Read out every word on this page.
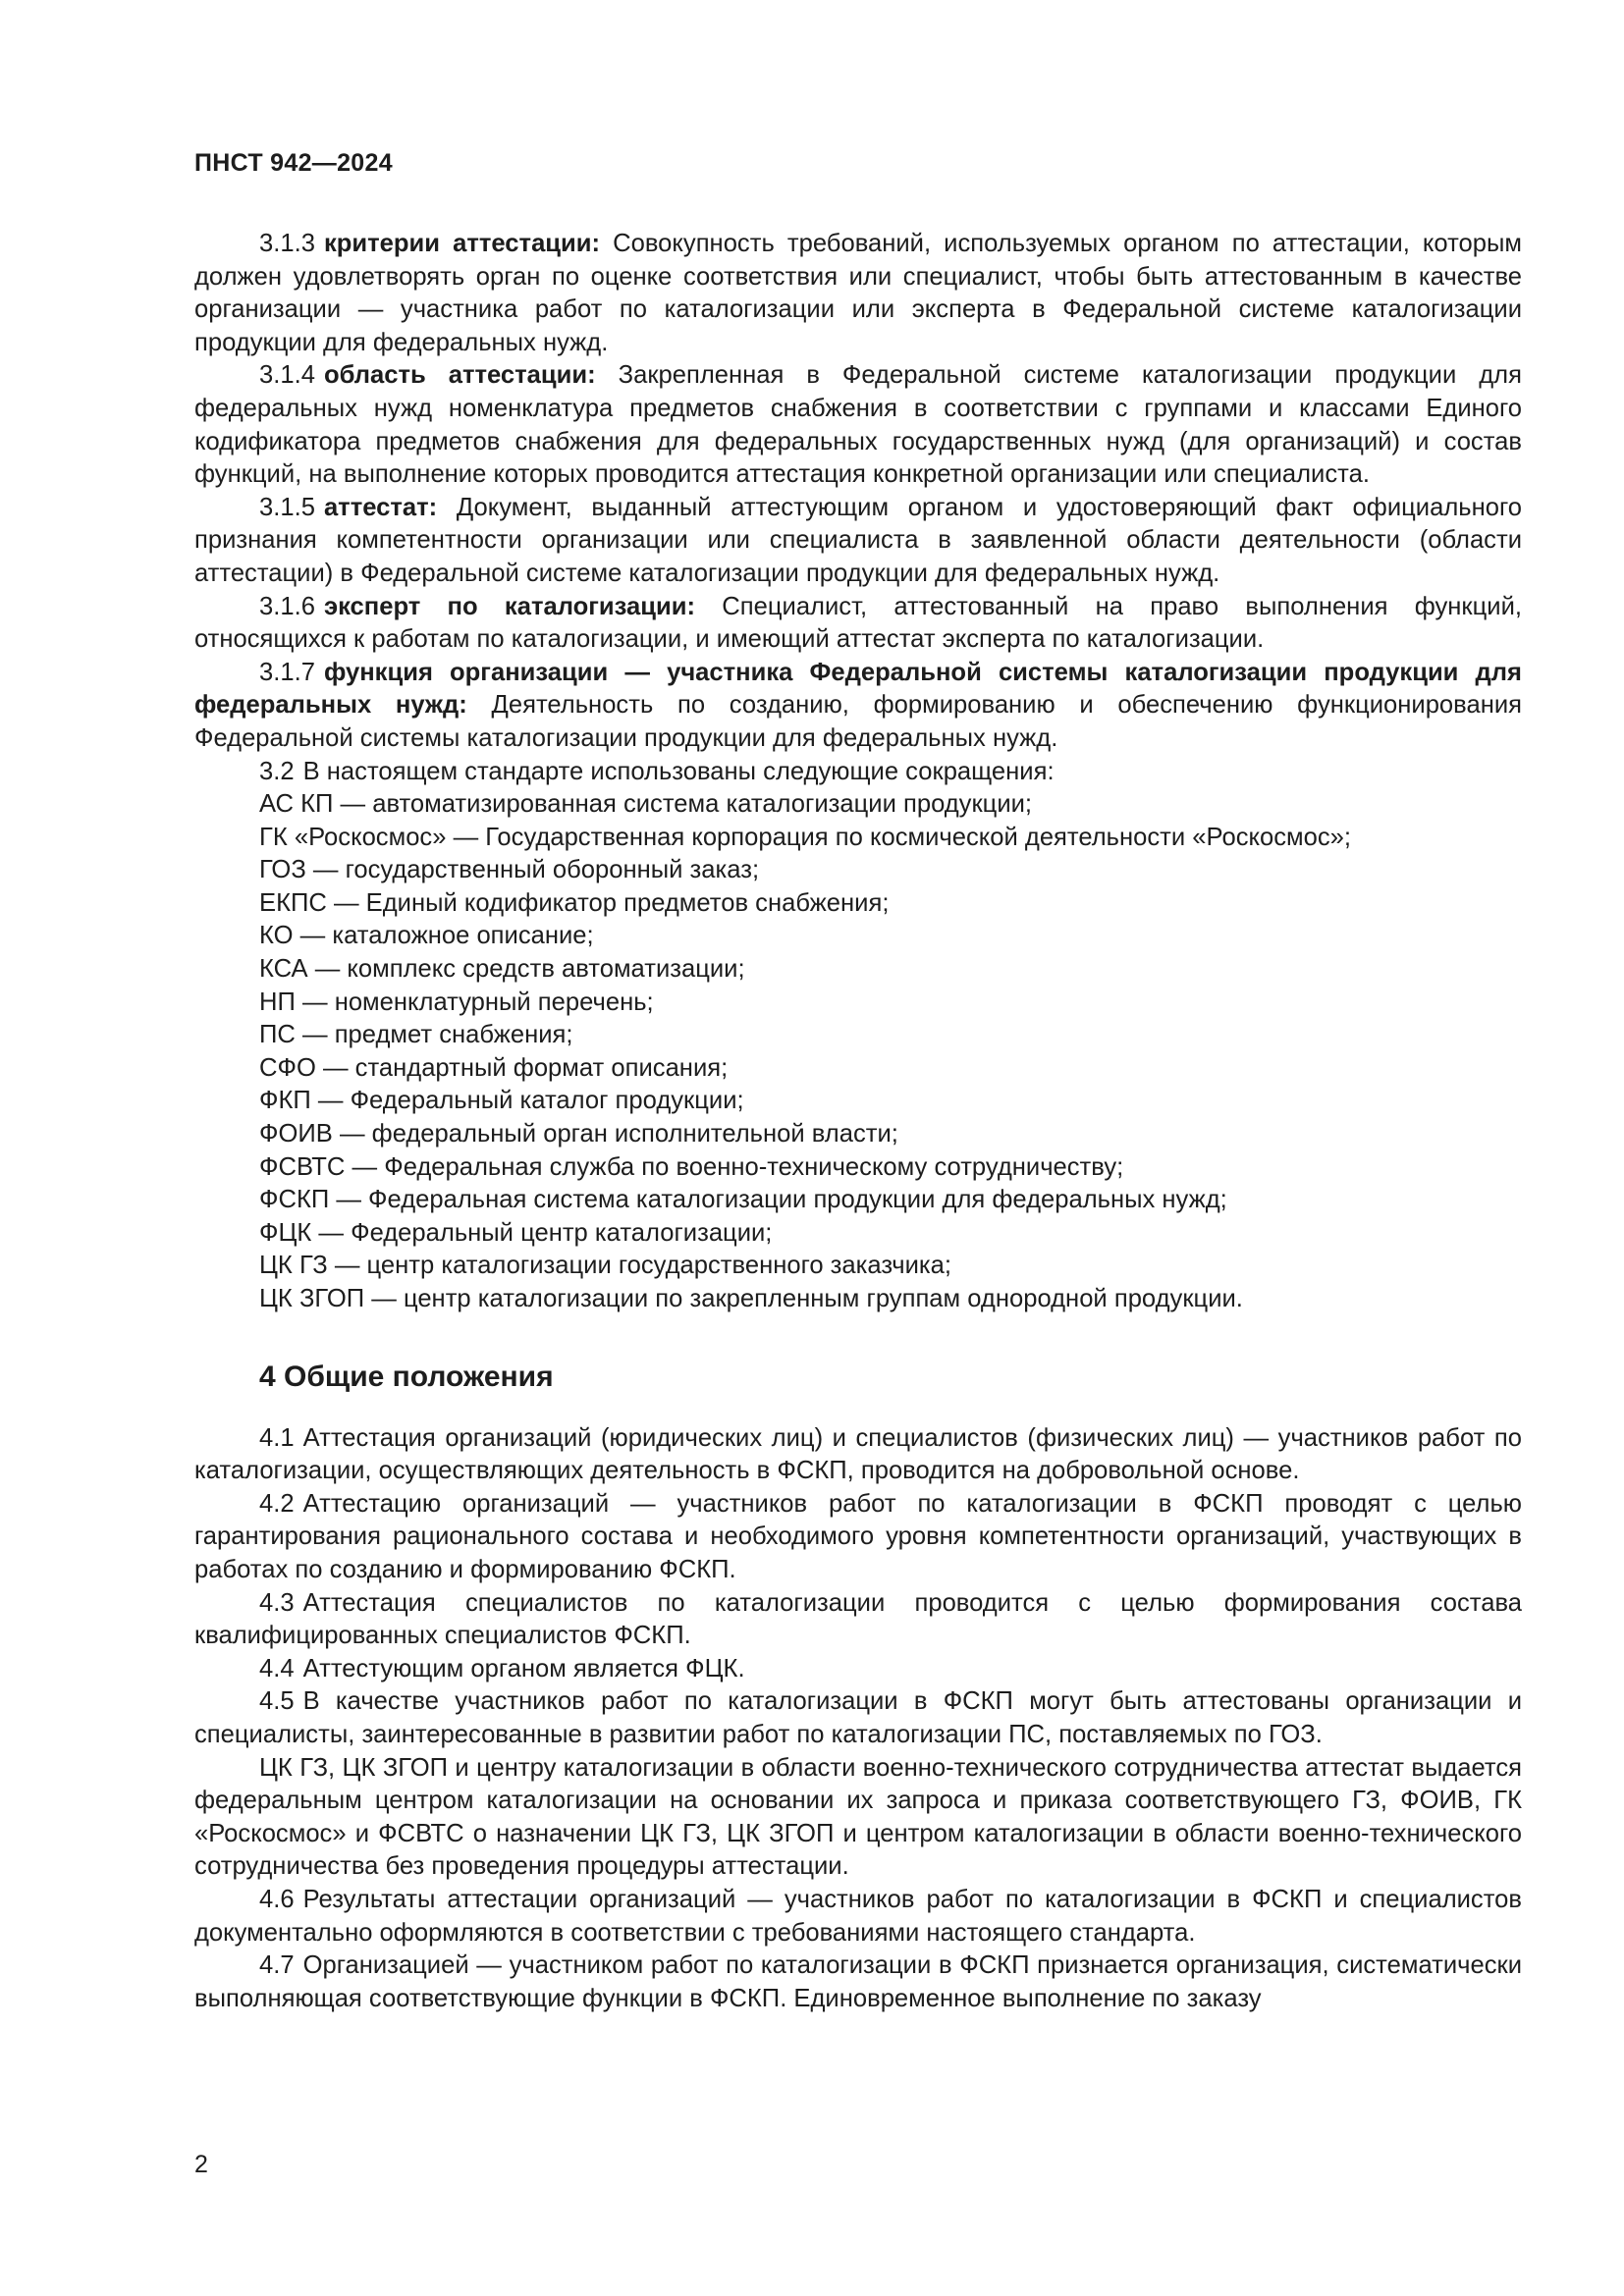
ПНСТ 942—2024

3.1.3 критерии аттестации: Совокупность требований, используемых органом по аттестации, которым должен удовлетворять орган по оценке соответствия или специалист, чтобы быть аттестованным в качестве организации — участника работ по каталогизации или эксперта в Федеральной системе каталогизации продукции для федеральных нужд.

3.1.4 область аттестации: Закрепленная в Федеральной системе каталогизации продукции для федеральных нужд номенклатура предметов снабжения в соответствии с группами и классами Единого кодификатора предметов снабжения для федеральных государственных нужд (для организаций) и состав функций, на выполнение которых проводится аттестация конкретной организации или специалиста.

3.1.5 аттестат: Документ, выданный аттестующим органом и удостоверяющий факт официального признания компетентности организации или специалиста в заявленной области деятельности (области аттестации) в Федеральной системе каталогизации продукции для федеральных нужд.

3.1.6 эксперт по каталогизации: Специалист, аттестованный на право выполнения функций, относящихся к работам по каталогизации, и имеющий аттестат эксперта по каталогизации.

3.1.7 функция организации — участника Федеральной системы каталогизации продукции для федеральных нужд: Деятельность по созданию, формированию и обеспечению функционирования Федеральной системы каталогизации продукции для федеральных нужд.

3.2 В настоящем стандарте использованы следующие сокращения:

АС КП — автоматизированная система каталогизации продукции;

ГК «Роскосмос» — Государственная корпорация по космической деятельности «Роскосмос»;

ГОЗ — государственный оборонный заказ;

ЕКПС — Единый кодификатор предметов снабжения;

КО — каталожное описание;

КСА — комплекс средств автоматизации;

НП — номенклатурный перечень;

ПС — предмет снабжения;

СФО — стандартный формат описания;

ФКП — Федеральный каталог продукции;

ФОИВ — федеральный орган исполнительной власти;

ФСВТС — Федеральная служба по военно-техническому сотрудничеству;

ФСКП — Федеральная система каталогизации продукции для федеральных нужд;

ФЦК — Федеральный центр каталогизации;

ЦК ГЗ — центр каталогизации государственного заказчика;

ЦК ЗГОП — центр каталогизации по закрепленным группам однородной продукции.

4 Общие положения

4.1 Аттестация организаций (юридических лиц) и специалистов (физических лиц) — участников работ по каталогизации, осуществляющих деятельность в ФСКП, проводится на добровольной основе.

4.2 Аттестацию организаций — участников работ по каталогизации в ФСКП проводят с целью гарантирования рационального состава и необходимого уровня компетентности организаций, участвующих в работах по созданию и формированию ФСКП.

4.3 Аттестация специалистов по каталогизации проводится с целью формирования состава квалифицированных специалистов ФСКП.

4.4 Аттестующим органом является ФЦК.

4.5 В качестве участников работ по каталогизации в ФСКП могут быть аттестованы организации и специалисты, заинтересованные в развитии работ по каталогизации ПС, поставляемых по ГОЗ.

ЦК ГЗ, ЦК ЗГОП и центру каталогизации в области военно-технического сотрудничества аттестат выдается федеральным центром каталогизации на основании их запроса и приказа соответствующего ГЗ, ФОИВ, ГК «Роскосмос» и ФСВТС о назначении ЦК ГЗ, ЦК ЗГОП и центром каталогизации в области военно-технического сотрудничества без проведения процедуры аттестации.

4.6 Результаты аттестации организаций — участников работ по каталогизации в ФСКП и специалистов документально оформляются в соответствии с требованиями настоящего стандарта.

4.7 Организацией — участником работ по каталогизации в ФСКП признается организация, систематически выполняющая соответствующие функции в ФСКП. Единовременное выполнение по заказу

2
